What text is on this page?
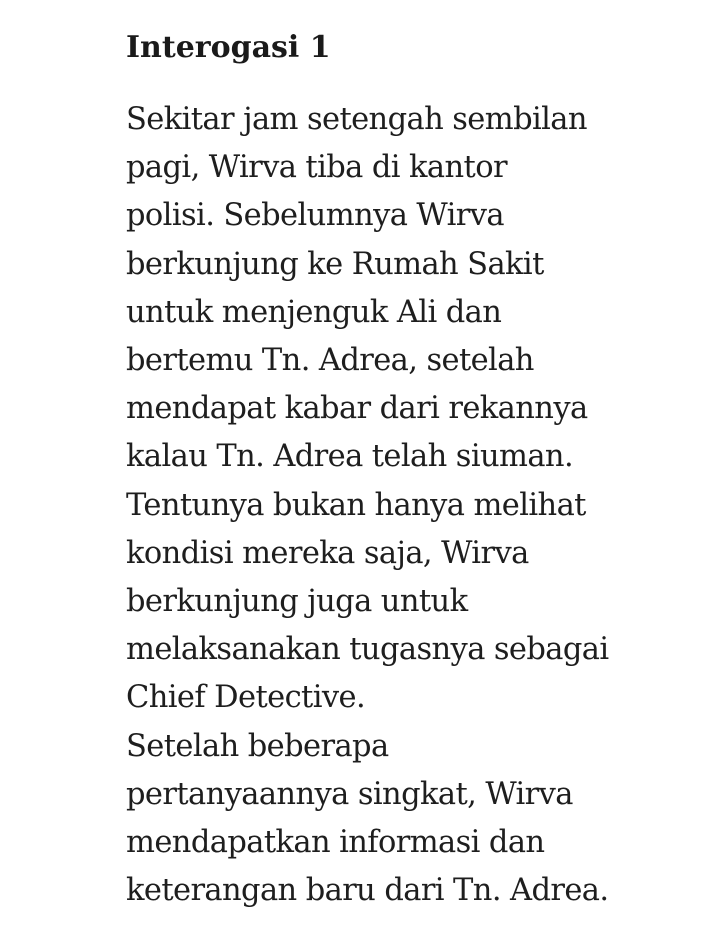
Interogasi 1
Sekitar jam setengah sembilan
pagi, Wirva tiba di kantor
polisi. Sebelumnya Wirva
berkunjung ke Rumah Sakit
untuk menjenguk Ali dan
bertemu Tn. Adrea, setelah
mendapat kabar dari rekannya
kalau Tn. Adrea telah siuman.
Tentunya bukan hanya melihat
kondisi mereka saja, Wirva
berkunjung juga untuk
melaksanakan tugasnya sebagai
Chief Detective.
Setelah beberapa
pertanyaannya singkat, Wirva
mendapatkan informasi dan
keterangan baru dari Tn. Adrea.
